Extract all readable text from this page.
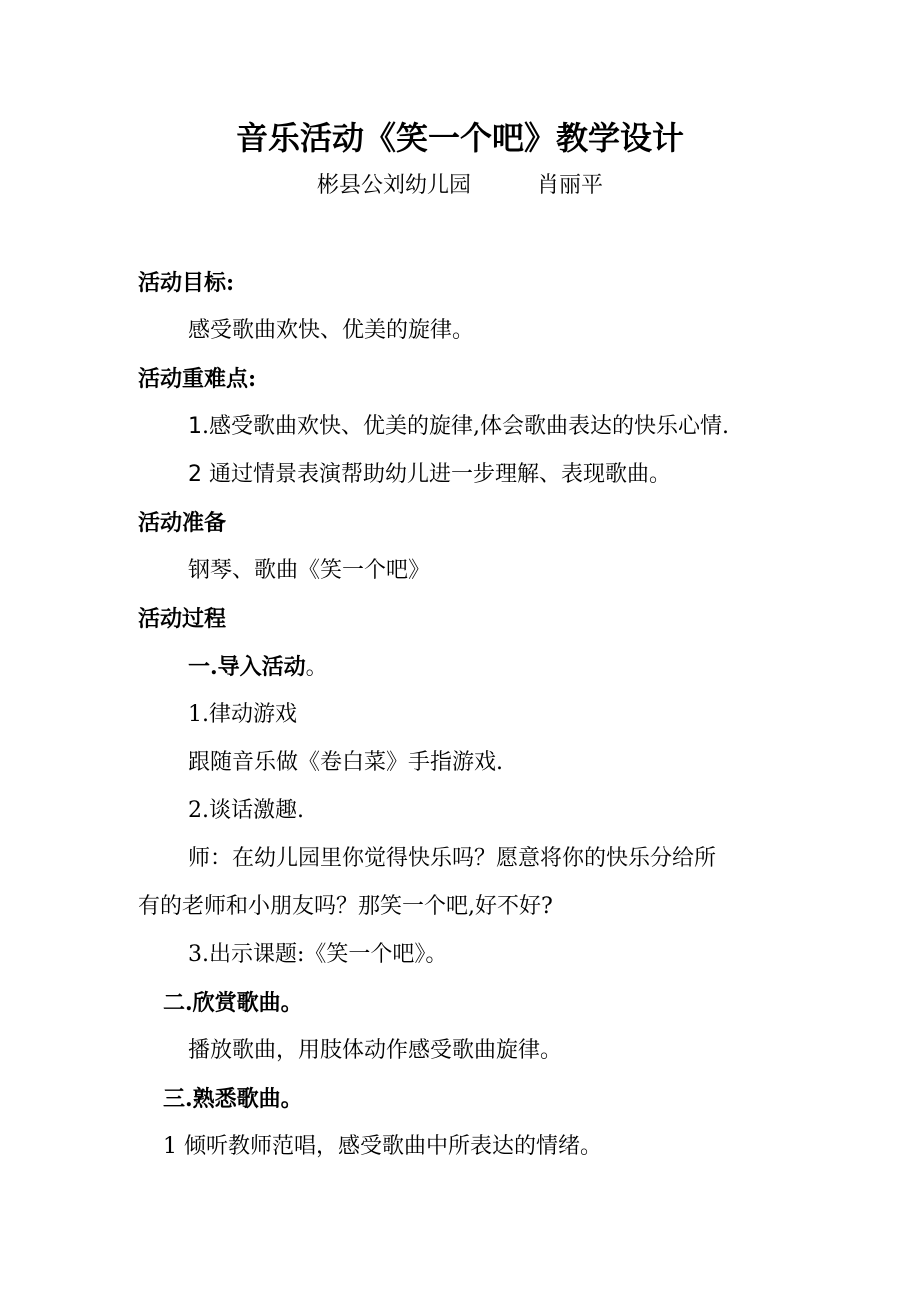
音乐活动《笑一个吧》教学设计
彬县公刘幼儿园	肖丽平
活动目标:
感受歌曲欢快、优美的旋律。
活动重难点:
1.感受歌曲欢快、优美的旋律,体会歌曲表达的快乐心情.
2 通过情景表演帮助幼儿进一步理解、表现歌曲。
活动准备
钢琴、歌曲《笑一个吧》
活动过程
一.导入活动。
1.律动游戏
跟随音乐做《卷白菜》手指游戏.
2.谈话激趣.
师：在幼儿园里你觉得快乐吗？愿意将你的快乐分给所
有的老师和小朋友吗？那笑一个吧,好不好?
3.出示课题:《笑一个吧》。
二.欣赏歌曲。
播放歌曲，用肢体动作感受歌曲旋律。
三.熟悉歌曲。
1 倾听教师范唱，感受歌曲中所表达的情绪。
